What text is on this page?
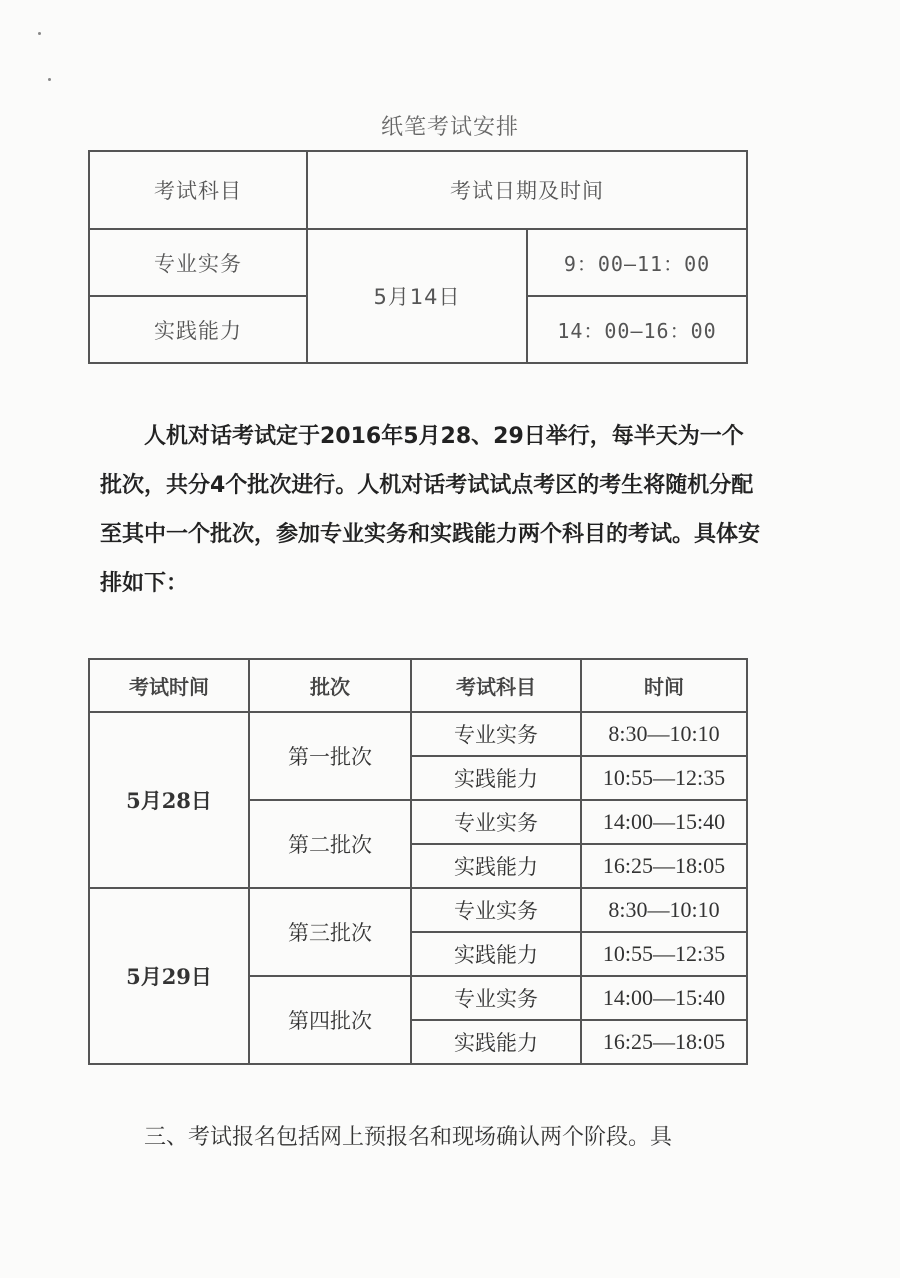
纸笔考试安排
考试科目	考试日期及时间	
专业实务	5月14日	9：00—11：00
实践能力		14：00—16：00
人机对话考试定于2016年5月28、29日举行，每半天为一个批次，共分4个批次进行。人机对话考试试点考区的考生将随机分配至其中一个批次，参加专业实务和实践能力两个科目的考试。具体安排如下：
考试时间	批次	考试科目	时间
5月28日	第一批次	专业实务	8:30—10:10
		实践能力	10:55—12:35
	第二批次	专业实务	14:00—15:40
		实践能力	16:25—18:05
5月29日	第三批次	专业实务	8:30—10:10
		实践能力	10:55—12:35
	第四批次	专业实务	14:00—15:40
		实践能力	16:25—18:05
三、考试报名包括网上预报名和现场确认两个阶段。具
